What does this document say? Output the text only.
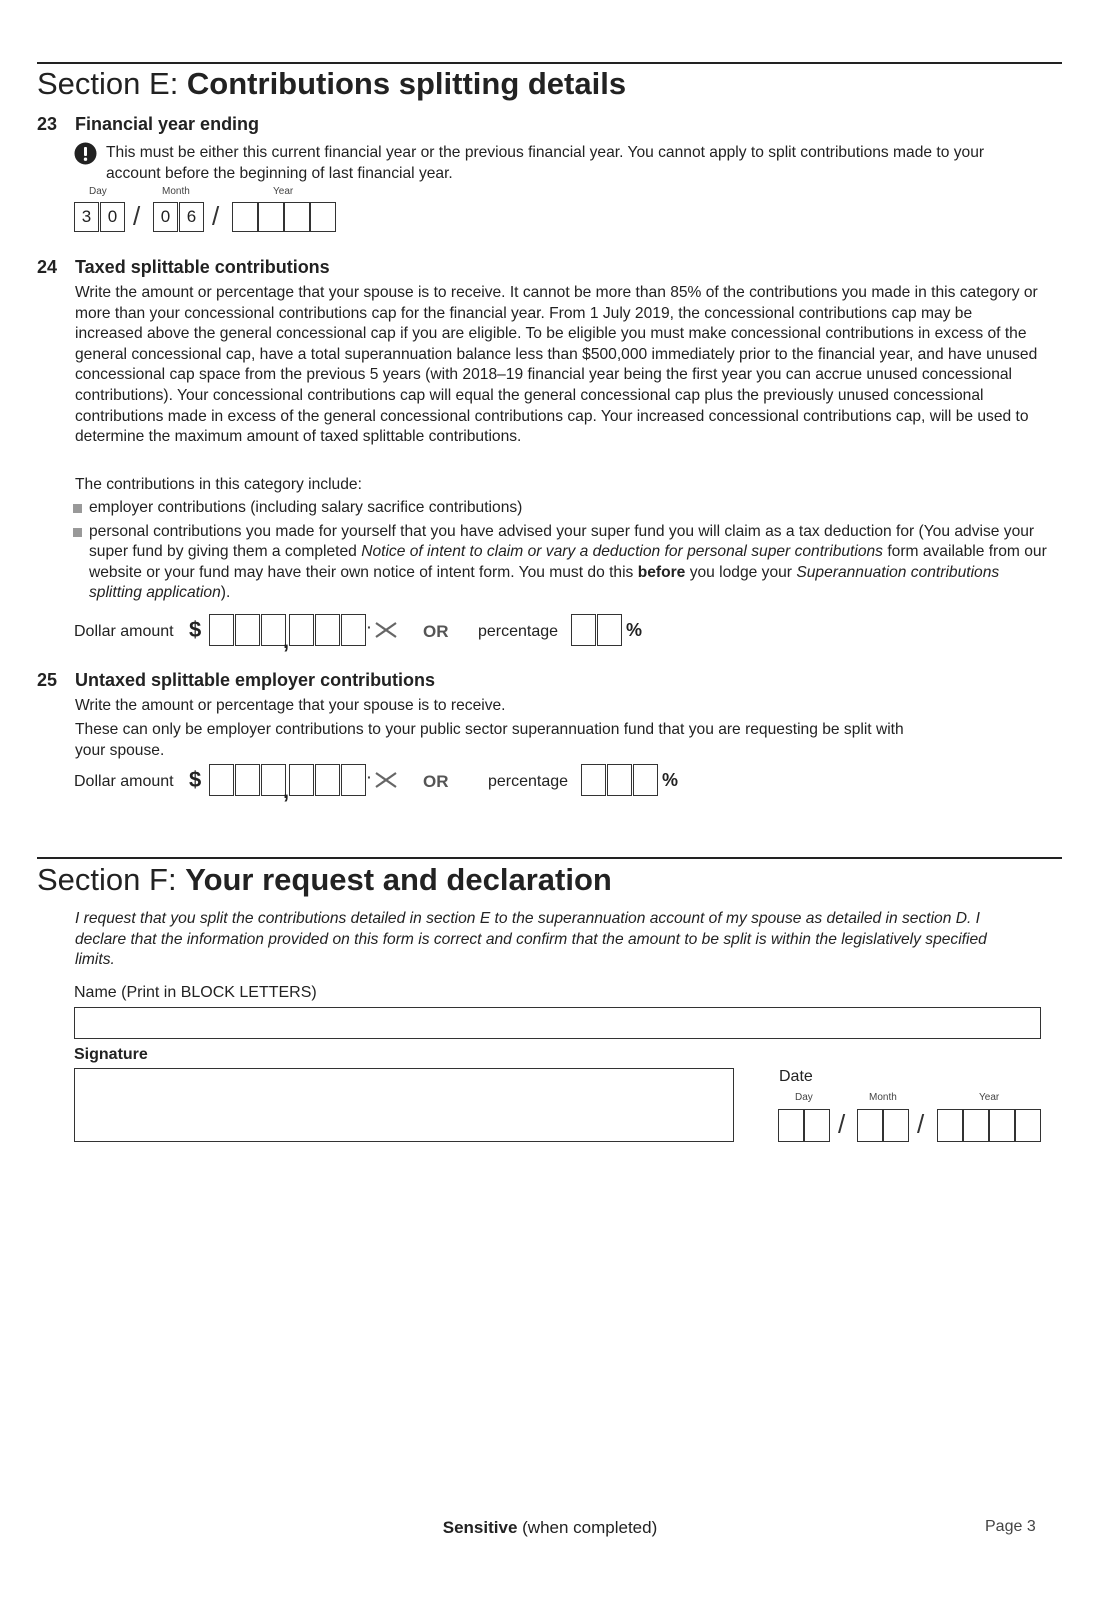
Section E: Contributions splitting details
23 Financial year ending
This must be either this current financial year or the previous financial year. You cannot apply to split contributions made to your account before the beginning of last financial year.
Day	Month	Year
3 0 /	0 6 /
24 Taxed splittable contributions
Write the amount or percentage that your spouse is to receive. It cannot be more than 85% of the contributions you made in this category or more than your concessional contributions cap for the financial year. From 1 July 2019, the concessional contributions cap may be increased above the general concessional cap if you are eligible. To be eligible you must make concessional contributions in excess of the general concessional cap, have a total superannuation balance less than $500,000 immediately prior to the financial year, and have unused concessional cap space from the previous 5 years (with 2018–19 financial year being the first year you can accrue unused concessional contributions). Your concessional contributions cap will equal the general concessional cap plus the previously unused concessional contributions made in excess of the general concessional contributions cap. Your increased concessional contributions cap, will be used to determine the maximum amount of taxed splittable contributions.
The contributions in this category include:
employer contributions (including salary sacrifice contributions)
personal contributions you made for yourself that you have advised your super fund you will claim as a tax deduction for (You advise your super fund by giving them a completed Notice of intent to claim or vary a deduction for personal super contributions form available from our website or your fund may have their own notice of intent form. You must do this before you lodge your Superannuation contributions splitting application).
Dollar amount $	,
·	OR percentage	%
25 Untaxed splittable employer contributions
Write the amount or percentage that your spouse is to receive.
These can only be employer contributions to your public sector superannuation fund that you are requesting be split with your spouse.
Dollar amount $	,
·	OR percentage	%
Section F: Your request and declaration
I request that you split the contributions detailed in section E to the superannuation account of my spouse as detailed in section D. I declare that the information provided on this form is correct and confirm that the amount to be split is within the legislatively specified limits.
Name (Print in BLOCK LETTERS)
Signature
Date
Day	Month	Year
/	/
Sensitive (when completed)	Page 3
